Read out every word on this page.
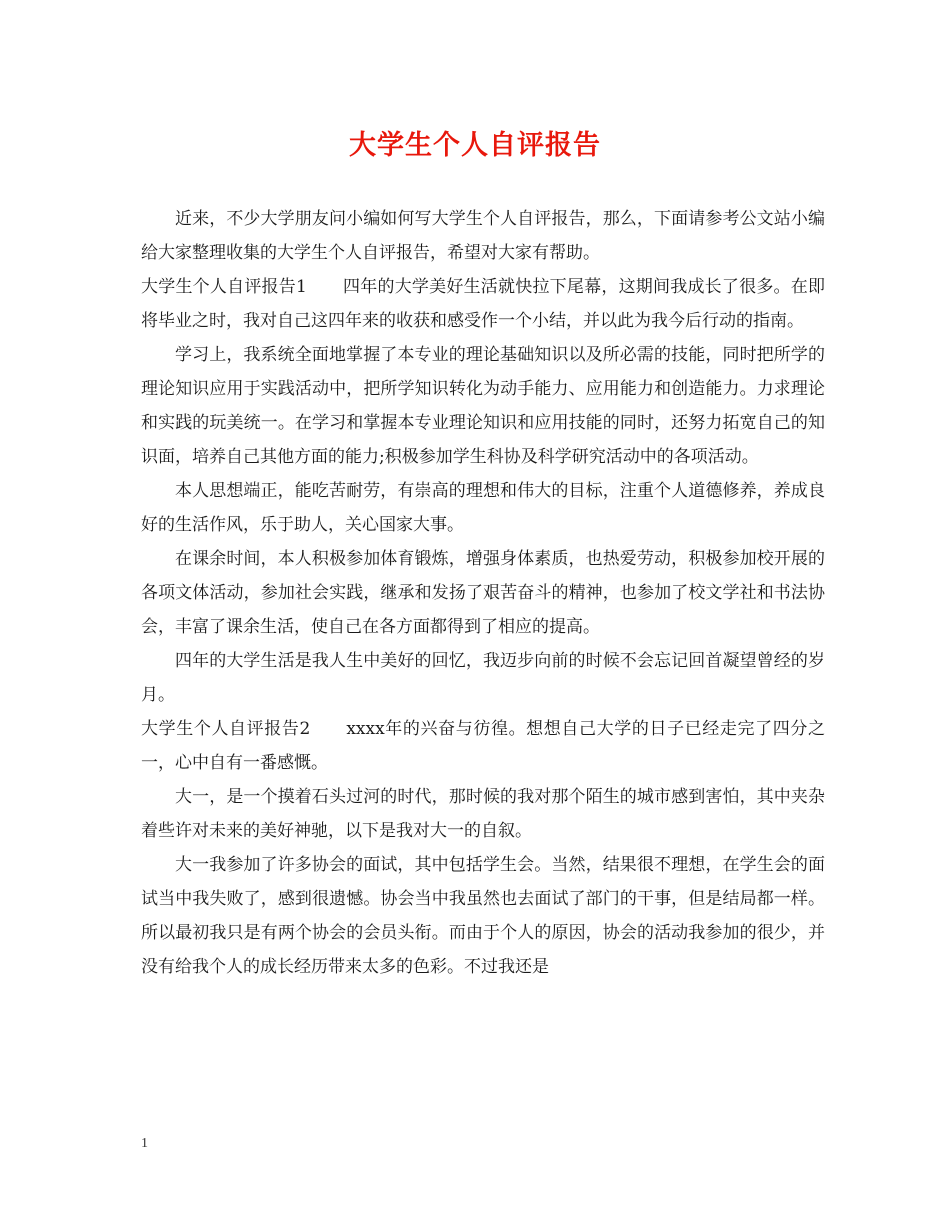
大学生个人自评报告

近来，不少大学朋友问小编如何写大学生个人自评报告，那么，下面请参考公文站小编给大家整理收集的大学生个人自评报告，希望对大家有帮助。

大学生个人自评报告1 四年的大学美好生活就快拉下尾幕，这期间我成长了很多。在即将毕业之时，我对自己这四年来的收获和感受作一个小结，并以此为我今后行动的指南。

学习上，我系统全面地掌握了本专业的理论基础知识以及所必需的技能，同时把所学的理论知识应用于实践活动中，把所学知识转化为动手能力、应用能力和创造能力。力求理论和实践的玩美统一。在学习和掌握本专业理论知识和应用技能的同时，还努力拓宽自己的知识面，培养自己其他方面的能力;积极参加学生科协及科学研究活动中的各项活动。

本人思想端正，能吃苦耐劳，有崇高的理想和伟大的目标，注重个人道德修养，养成良好的生活作风，乐于助人，关心国家大事。

在课余时间，本人积极参加体育锻炼，增强身体素质，也热爱劳动，积极参加校开展的各项文体活动，参加社会实践，继承和发扬了艰苦奋斗的精神，也参加了校文学社和书法协会，丰富了课余生活，使自己在各方面都得到了相应的提高。

四年的大学生活是我人生中美好的回忆，我迈步向前的时候不会忘记回首凝望曾经的岁月。

大学生个人自评报告2 xxxx年的兴奋与彷徨。想想自己大学的日子已经走完了四分之一，心中自有一番感慨。

大一，是一个摸着石头过河的时代，那时候的我对那个陌生的城市感到害怕，其中夹杂着些许对未来的美好神驰，以下是我对大一的自叙。

大一我参加了许多协会的面试，其中包括学生会。当然，结果很不理想，在学生会的面试当中我失败了，感到很遗憾。协会当中我虽然也去面试了部门的干事，但是结局都一样。所以最初我只是有两个协会的会员头衔。而由于个人的原因，协会的活动我参加的很少，并没有给我个人的成长经历带来太多的色彩。不过我还是

1
